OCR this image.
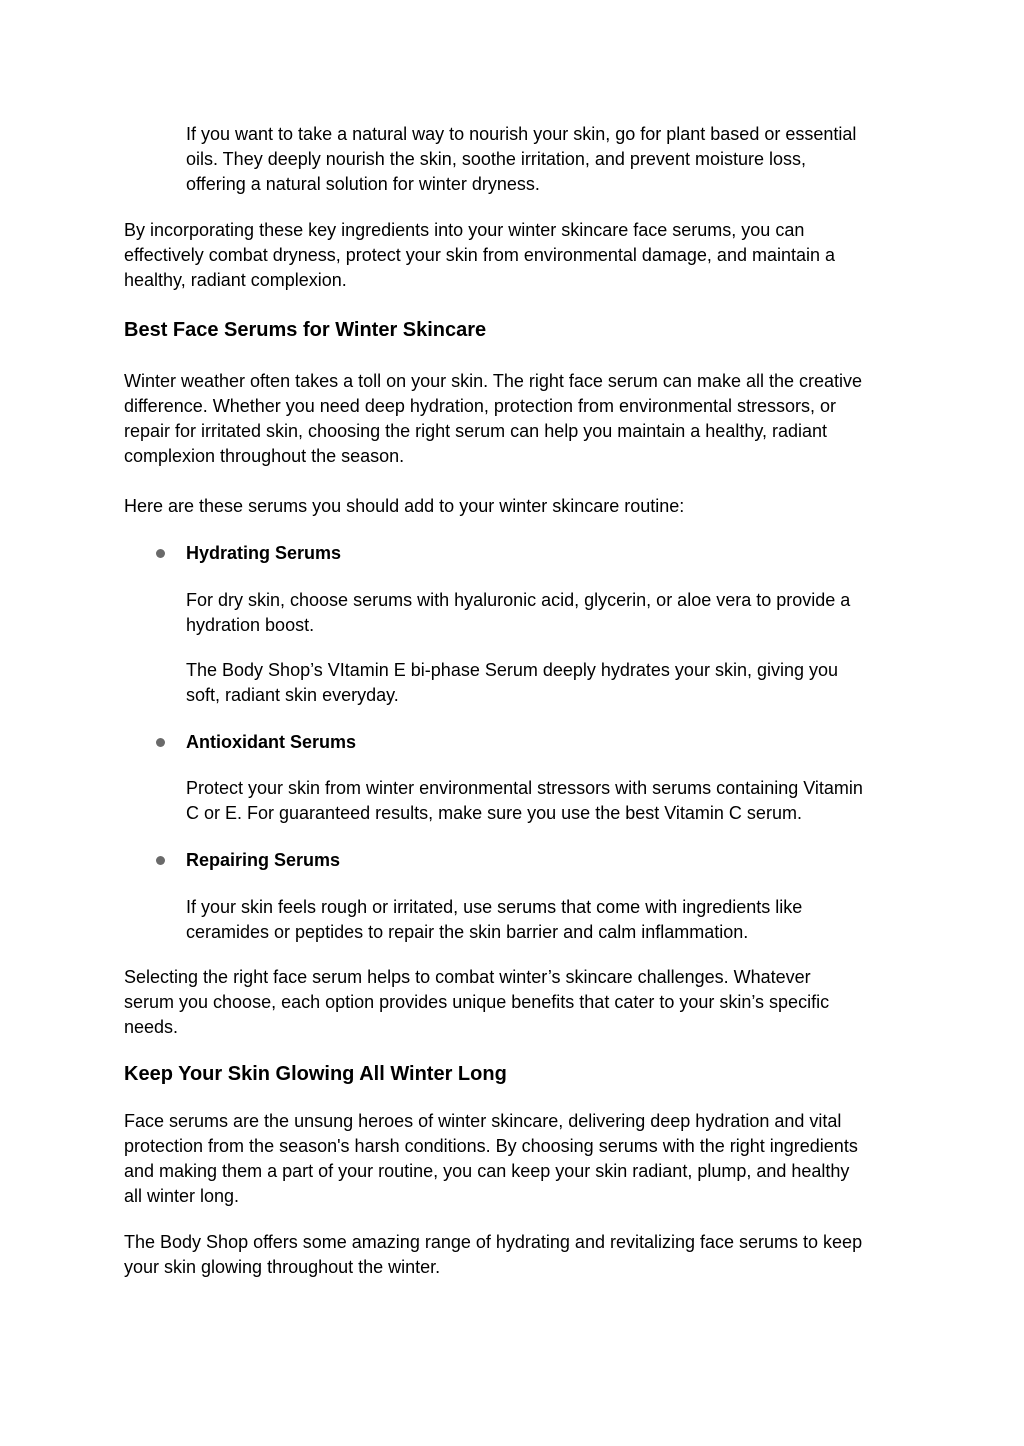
If you want to take a natural way to nourish your skin, go for plant based or essential
oils. They deeply nourish the skin, soothe irritation, and prevent moisture loss,
offering a natural solution for winter dryness.

By incorporating these key ingredients into your winter skincare face serums, you can
effectively combat dryness, protect your skin from environmental damage, and maintain a
healthy, radiant complexion.

Best Face Serums for Winter Skincare

Winter weather often takes a toll on your skin. The right face serum can make all the creative
difference. Whether you need deep hydration, protection from environmental stressors, or
repair for irritated skin, choosing the right serum can help you maintain a healthy, radiant
complexion throughout the season.

Here are these serums you should add to your winter skincare routine:

Hydrating Serums

For dry skin, choose serums with hyaluronic acid, glycerin, or aloe vera to provide a
hydration boost.

The Body Shop’s VItamin E bi-phase Serum deeply hydrates your skin, giving you
soft, radiant skin everyday.

Antioxidant Serums

Protect your skin from winter environmental stressors with serums containing Vitamin
C or E. For guaranteed results, make sure you use the best Vitamin C serum.

Repairing Serums

If your skin feels rough or irritated, use serums that come with ingredients like
ceramides or peptides to repair the skin barrier and calm inflammation.

Selecting the right face serum helps to combat winter’s skincare challenges. Whatever
serum you choose, each option provides unique benefits that cater to your skin’s specific
needs.

Keep Your Skin Glowing All Winter Long

Face serums are the unsung heroes of winter skincare, delivering deep hydration and vital
protection from the season's harsh conditions. By choosing serums with the right ingredients
and making them a part of your routine, you can keep your skin radiant, plump, and healthy
all winter long.

The Body Shop offers some amazing range of hydrating and revitalizing face serums to keep
your skin glowing throughout the winter.
